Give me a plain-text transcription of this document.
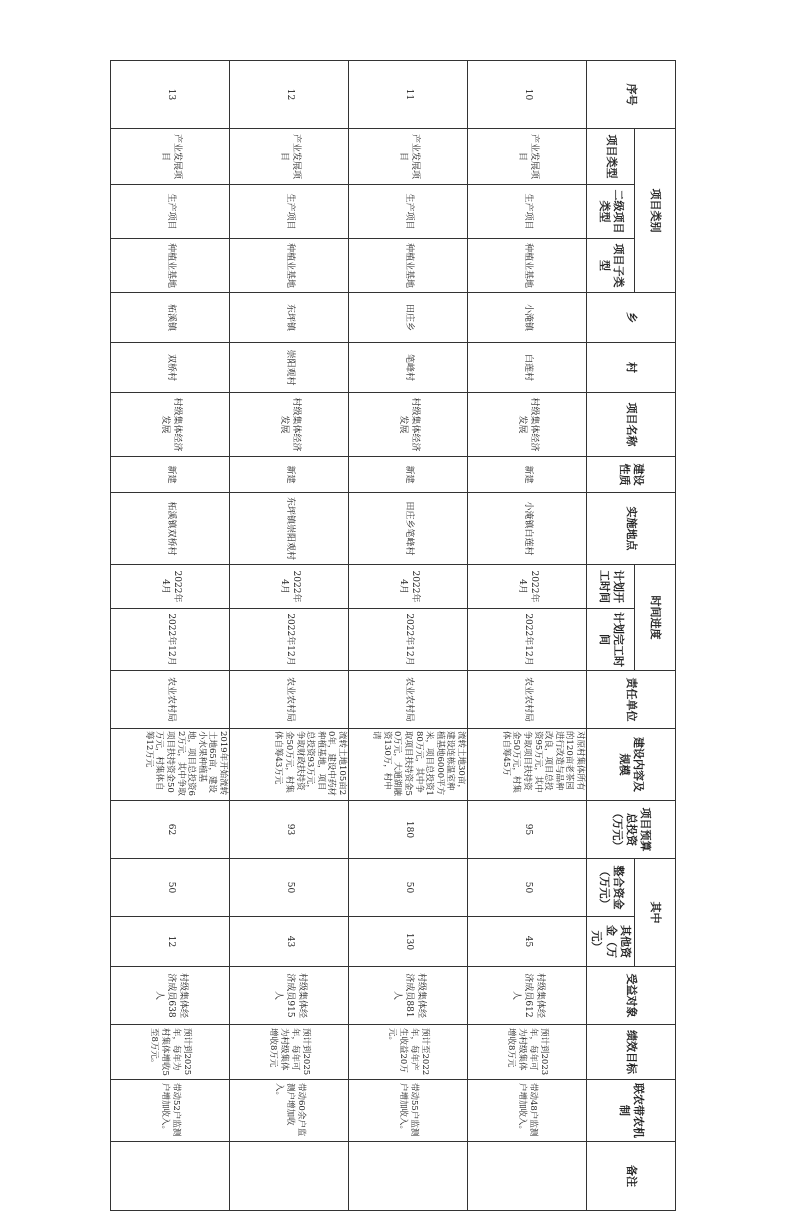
序号	项目类别			乡	村	项目名称	建设性质	实施地点	时间进度		责任单位	建设内容及规模	项目预算总投资（万元）	其中		受益对象	绩效目标	联农带农机制	备注
	项目类型	二级项目类型	项目子类型						计划开工时间	计划完工时间				整合资金（万元）	其他资金（万元）				
10	产业发展项目	生产项目	种植业基地	小淹镇	白莲村	村级集体经济发展	新建	小淹镇白莲村	2022年4月	2022年12月	农业农村局	对原村集体所有的120亩老茶园进行改造与品种改良，项目总投资95万元，其中争取项目扶持资金50万元，村集体自筹45万	95	50	45	村级集体经济成员612人	预计到2023年，每年可为村级集体增收8万元	带动48户监测户增加收入。	
11	产业发展项目	生产项目	种植业基地	田庄乡	笔峰村	村级集体经济发展	新建	田庄乡笔峰村	2022年4月	2022年12月	农业农村局	流转土地30亩，建设连栋温室种植基地6000平方米，项目总投资180万元，其中争取项目扶持资金50万元，大通湖融资130万，村申请	180	50	130	村级集体经济成员881人	预计至2022年，每年产生收益20万元。	带动55户监测户增加收入。	
12	产业发展项目	生产项目	种植业基地	东坪镇	崇阳观村	村级集体经济发展	新建	东坪镇崇阳观村	2022年4月	2022年12月	农业农村局	流转土地105亩20年，建设中药材种植基地，项目总投资93万元，争取财政扶持资金50万元，村集体自筹43万元	93	50	43	村级集体经济成员915人	预计到2025年，每年可为村级集体增收8万元	带动60余户监测户增加收入。	
13	产业发展项目	生产项目	种植业基地	柘溪镇	双桥村	村级集体经济发展	新建	柘溪镇双桥村	2022年4月	2022年12月	农业农村局	2019年开始流转土地65亩，建设小水果种植基地，项目总投资62万元，其中争取项目扶持资金50万元，村集体自筹12万元	62	50	12	村级集体经济成员638人	预计到2025年，每年为村集体增收5至8万元。	带动52户监测户增加收入。	
